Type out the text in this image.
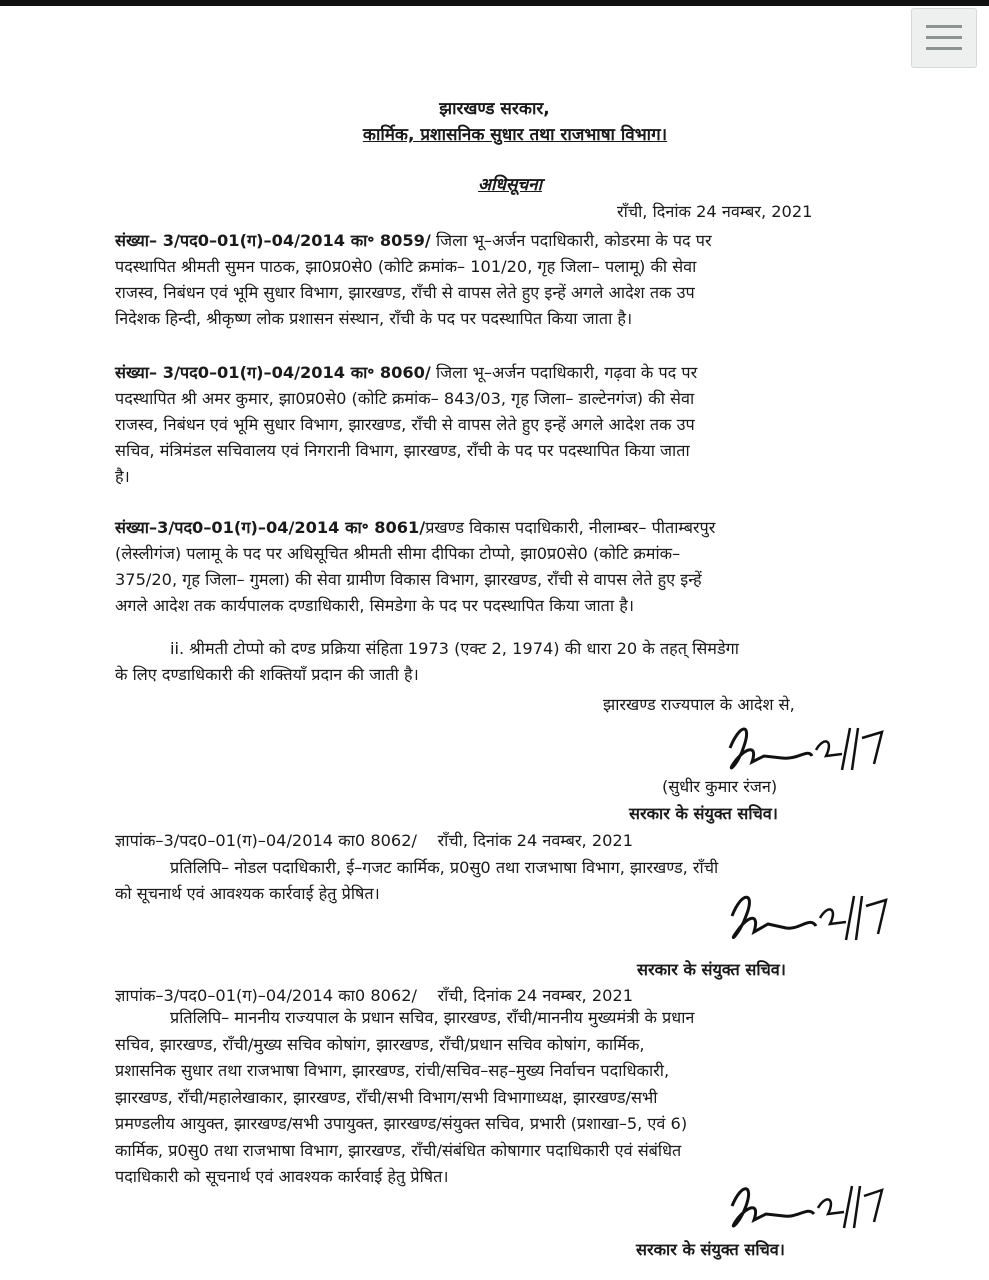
झारखण्ड सरकार,
कार्मिक, प्रशासनिक सुधार तथा राजभाषा विभाग।
अधिसूचना
राँची, दिनांक 24 नवम्बर, 2021
संख्या– 3/पद0–01(ग)–04/2014 का॰ 8059/ जिला भू–अर्जन पदाधिकारी, कोडरमा के पद पर
पदस्थापित श्रीमती सुमन पाठक, झा0प्र0से0 (कोटि क्रमांक– 101/20, गृह जिला– पलामू) की सेवा
राजस्व, निबंधन एवं भूमि सुधार विभाग, झारखण्ड, राँची से वापस लेते हुए इन्हें अगले आदेश तक उप
निदेशक हिन्दी, श्रीकृष्ण लोक प्रशासन संस्थान, राँची के पद पर पदस्थापित किया जाता है।
संख्या– 3/पद0–01(ग)–04/2014 का॰ 8060/ जिला भू–अर्जन पदाधिकारी, गढ़वा के पद पर
पदस्थापित श्री अमर कुमार, झा0प्र0से0 (कोटि क्रमांक– 843/03, गृह जिला– डाल्टेनगंज) की सेवा
राजस्व, निबंधन एवं भूमि सुधार विभाग, झारखण्ड, राँची से वापस लेते हुए इन्हें अगले आदेश तक उप
सचिव, मंत्रिमंडल सचिवालय एवं निगरानी विभाग, झारखण्ड, राँची के पद पर पदस्थापित किया जाता
है।
संख्या–3/पद0–01(ग)–04/2014 का॰ 8061/प्रखण्ड विकास पदाधिकारी, नीलाम्बर– पीताम्बरपुर
(लेस्लीगंज) पलामू के पद पर अधिसूचित श्रीमती सीमा दीपिका टोप्पो, झा0प्र0से0 (कोटि क्रमांक–
375/20, गृह जिला– गुमला) की सेवा ग्रामीण विकास विभाग, झारखण्ड, राँची से वापस लेते हुए इन्हें
अगले आदेश तक कार्यपालक दण्डाधिकारी, सिमडेगा के पद पर पदस्थापित किया जाता है।
ii. श्रीमती टोप्पो को दण्ड प्रक्रिया संहिता 1973 (एक्ट 2, 1974) की धारा 20 के तहत् सिमडेगा
के लिए दण्डाधिकारी की शक्तियाँ प्रदान की जाती है।
झारखण्ड राज्यपाल के आदेश से,
(सुधीर कुमार रंजन)
सरकार के संयुक्त सचिव।
ज्ञापांक–3/पद0–01(ग)–04/2014 का0 8062/ राँची, दिनांक 24 नवम्बर, 2021
प्रतिलिपि– नोडल पदाधिकारी, ई–गजट कार्मिक, प्र0सु0 तथा राजभाषा विभाग, झारखण्ड, राँची
को सूचनार्थ एवं आवश्यक कार्रवाई हेतु प्रेषित।
सरकार के संयुक्त सचिव।
ज्ञापांक–3/पद0–01(ग)–04/2014 का0 8062/ राँची, दिनांक 24 नवम्बर, 2021
प्रतिलिपि– माननीय राज्यपाल के प्रधान सचिव, झारखण्ड, राँची/माननीय मुख्यमंत्री के प्रधान
सचिव, झारखण्ड, राँची/मुख्य सचिव कोषांग, झारखण्ड, राँची/प्रधान सचिव कोषांग, कार्मिक,
प्रशासनिक सुधार तथा राजभाषा विभाग, झारखण्ड, रांची/सचिव–सह–मुख्य निर्वाचन पदाधिकारी,
झारखण्ड, राँची/महालेखाकार, झारखण्ड, राँची/सभी विभाग/सभी विभागाध्यक्ष, झारखण्ड/सभी
प्रमण्डलीय आयुक्त, झारखण्ड/सभी उपायुक्त, झारखण्ड/संयुक्त सचिव, प्रभारी (प्रशाखा–5, एवं 6)
कार्मिक, प्र0सु0 तथा राजभाषा विभाग, झारखण्ड, राँची/संबंधित कोषागार पदाधिकारी एवं संबंधित
पदाधिकारी को सूचनार्थ एवं आवश्यक कार्रवाई हेतु प्रेषित।
सरकार के संयुक्त सचिव।
